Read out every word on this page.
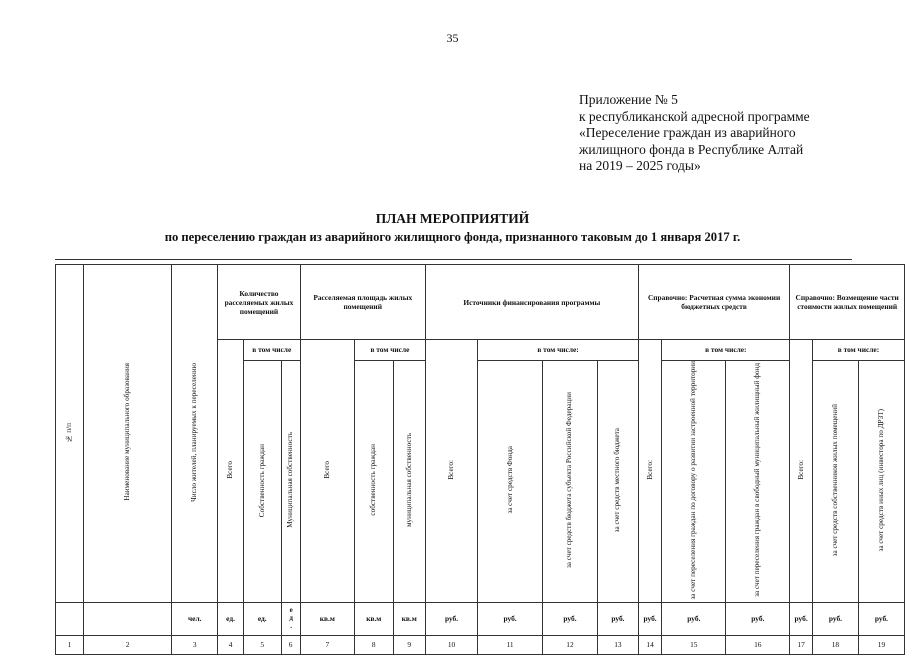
35
Приложение № 5
к республиканской адресной программе
«Переселение граждан из аварийного
жилищного фонда в Республике Алтай
на 2019 – 2025 годы»
ПЛАН МЕРОПРИЯТИЙ
по переселению граждан из аварийного жилищного фонда, признанного таковым до 1 января 2017 г.
№ п/п	Наименование муниципального образования	Число жителей, планируемых к переселению	Количество расселяемых жилых помещений			Расселяемая площадь жилых помещений			Источники финансирования программы				Справочно: Расчетная сумма экономии бюджетных средств			Справочно: Возмещение части стоимости жилых помещений		
			Всего	в том числе		Всего	в том числе		Всего:	в том числе:			Всего:	в том числе:		Всего:	в том числе:	
				Собственность граждан	Муниципальная собственность		собственность граждан	муниципальная собственность		за счет средств Фонда	за счет средств бюджета субъекта Российской Федерации	за счет средств местного бюджета		за счет переселения граждан по договору о развитии застроенной территории	за счет переселения граждан в свободный муниципальный жилищный фонд		за счет средств собственников жилых помещений	за счет средств иных лиц (инвестора по ДРЗТ)
		чел.	ед.	ед.	ед.	кв.м	кв.м	кв.м	руб.	руб.	руб.	руб.	руб.	руб.	руб.	руб.	руб.	руб.
1	2	3	4	5	6	7	8	9	10	11	12	13	14	15	16	17	18	19
